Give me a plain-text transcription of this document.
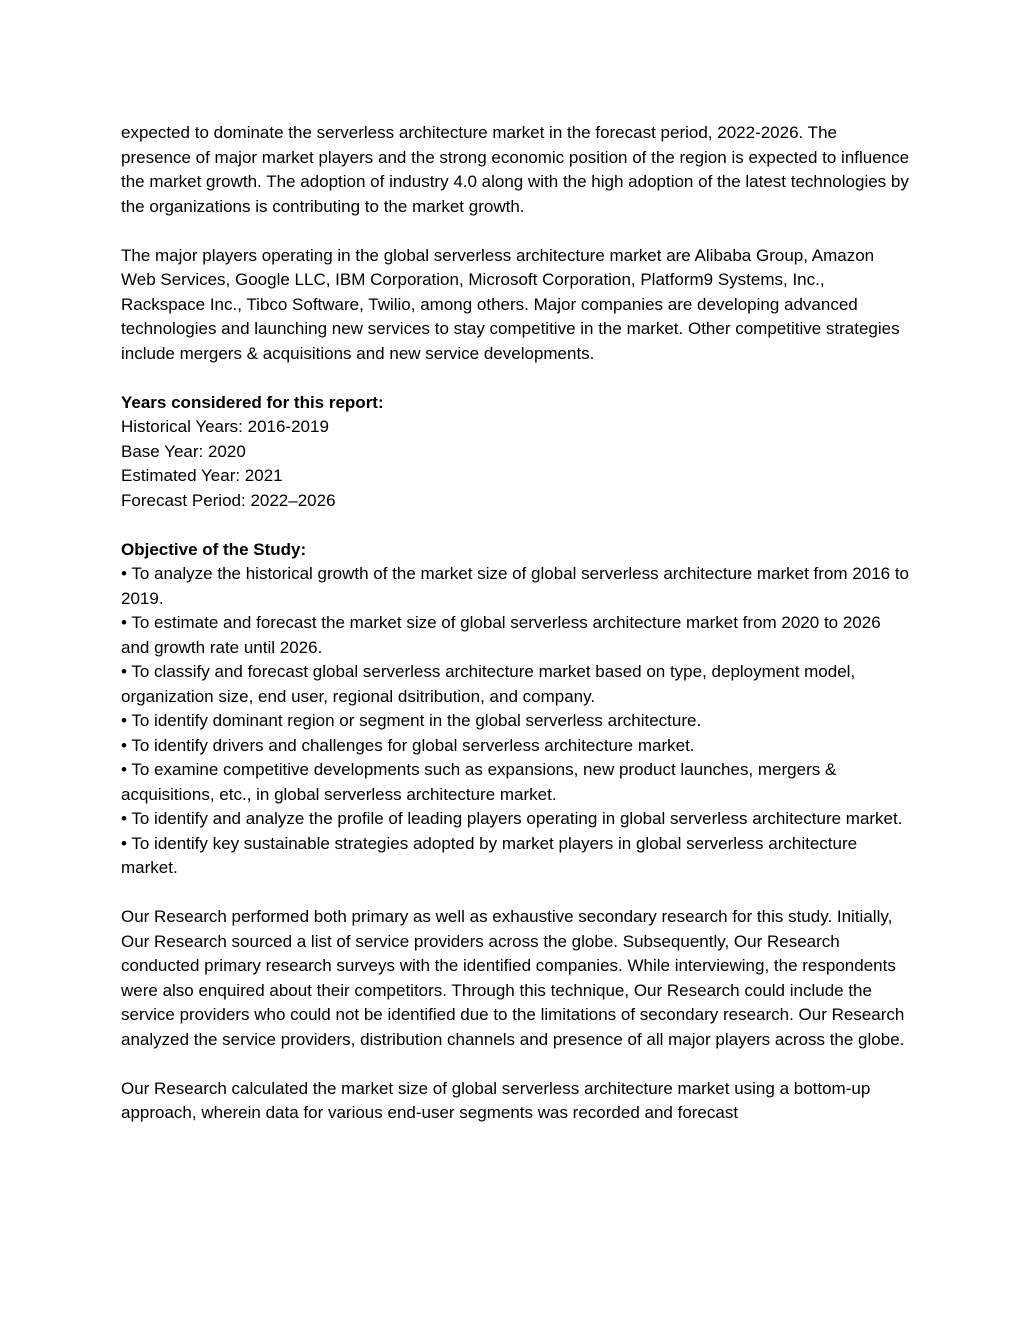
expected to dominate the serverless architecture market in the forecast period, 2022-2026. The presence of major market players and the strong economic position of the region is expected to influence the market growth. The adoption of industry 4.0 along with the high adoption of the latest technologies by the organizations is contributing to the market growth.

The major players operating in the global serverless architecture market are Alibaba Group, Amazon Web Services, Google LLC, IBM Corporation, Microsoft Corporation, Platform9 Systems, Inc., Rackspace Inc., Tibco Software, Twilio, among others. Major companies are developing advanced technologies and launching new services to stay competitive in the market. Other competitive strategies include mergers & acquisitions and new service developments.

Years considered for this report:
Historical Years: 2016-2019
Base Year: 2020
Estimated Year: 2021
Forecast Period: 2022–2026
Objective of the Study:
• To analyze the historical growth of the market size of global serverless architecture market from 2016 to 2019.
• To estimate and forecast the market size of global serverless architecture market from 2020 to 2026 and growth rate until 2026.
• To classify and forecast global serverless architecture market based on type, deployment model, organization size, end user, regional dsitribution, and company.
• To identify dominant region or segment in the global serverless architecture.
• To identify drivers and challenges for global serverless architecture market.
• To examine competitive developments such as expansions, new product launches, mergers & acquisitions, etc., in global serverless architecture market.
• To identify and analyze the profile of leading players operating in global serverless architecture market.
• To identify key sustainable strategies adopted by market players in global serverless architecture market.

Our Research performed both primary as well as exhaustive secondary research for this study. Initially, Our Research sourced a list of service providers across the globe. Subsequently, Our Research conducted primary research surveys with the identified companies. While interviewing, the respondents were also enquired about their competitors. Through this technique, Our Research could include the service providers who could not be identified due to the limitations of secondary research. Our Research analyzed the service providers, distribution channels and presence of all major players across the globe.

Our Research calculated the market size of global serverless architecture market using a bottom-up approach, wherein data for various end-user segments was recorded and forecast
